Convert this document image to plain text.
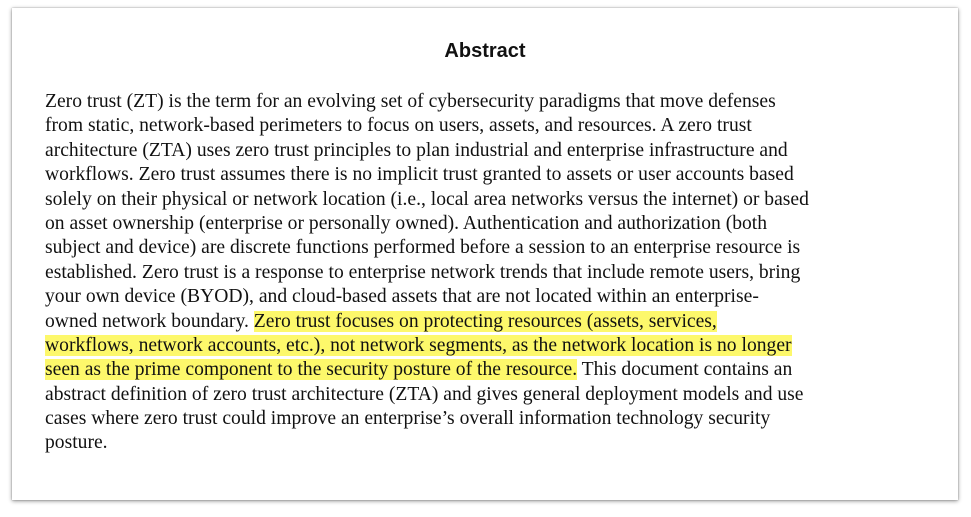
Abstract
Zero trust (ZT) is the term for an evolving set of cybersecurity paradigms that move defenses
from static, network-based perimeters to focus on users, assets, and resources. A zero trust
architecture (ZTA) uses zero trust principles to plan industrial and enterprise infrastructure and
workflows. Zero trust assumes there is no implicit trust granted to assets or user accounts based
solely on their physical or network location (i.e., local area networks versus the internet) or based
on asset ownership (enterprise or personally owned). Authentication and authorization (both
subject and device) are discrete functions performed before a session to an enterprise resource is
established. Zero trust is a response to enterprise network trends that include remote users, bring
your own device (BYOD), and cloud-based assets that are not located within an enterprise-
owned network boundary. Zero trust focuses on protecting resources (assets, services,
workflows, network accounts, etc.), not network segments, as the network location is no longer
seen as the prime component to the security posture of the resource. This document contains an
abstract definition of zero trust architecture (ZTA) and gives general deployment models and use
cases where zero trust could improve an enterprise’s overall information technology security
posture.
